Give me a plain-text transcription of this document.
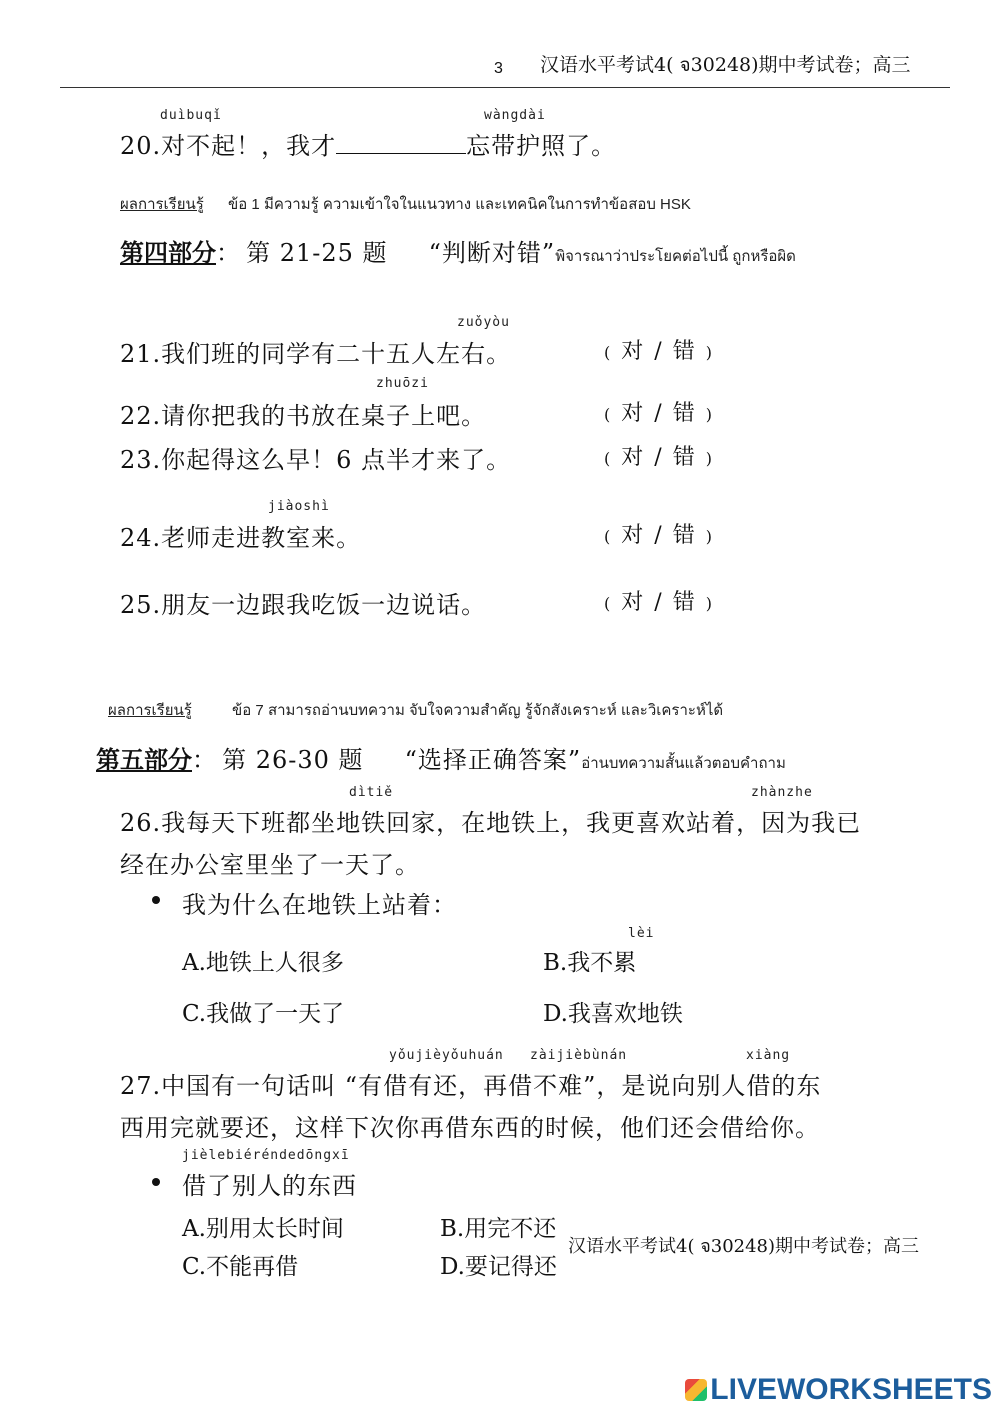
3 汉语水平考试4( จ30248)期中考试卷；高三
duìbuqǐ	wàngdài
20.对不起！，我才	忘带护照了。
ผลการเรียนรู้ ข้อ 1 มีความรู้ ความเข้าใจในแนวทาง และเทคนิคในการทำข้อสอบ HSK
第四部分： 第 21-25 题 “判断对错”พิจารณาว่าประโยคต่อไปนี้ ถูกหรือผิด
zuǒyòu
21.我们班的同学有二十五人左右。	( 对 / 错 )
zhuōzi
22.请你把我的书放在桌子上吧。	( 对 / 错 )
23.你起得这么早！6 点半才来了。	( 对 / 错 )
jiàoshì
24.老师走进教室来。	( 对 / 错 )
25.朋友一边跟我吃饭一边说话。	( 对 / 错 )
ผลการเรียนรู้	ข้อ 7 สามารถอ่านบทความ จับใจความสำคัญ รู้จักสังเคราะห์ และวิเคราะห์ได้
第五部分： 第 26-30 题 “选择正确答案”อ่านบทความสั้นแล้วตอบคำถาม
dìtiě	zhànzhe
26.我每天下班都坐地铁回家，在地铁上，我更喜欢站着，因为我已
经在办公室里坐了一天了。
我为什么在地铁上站着：
lèi
A.地铁上人很多	B.我不累
C.我做了一天了	D.我喜欢地铁
yǒujièyǒuhuán zàijièbùnán	xiàng
27.中国有一句话叫 “有借有还，再借不难”，是说向别人借的东
西用完就要还，这样下次你再借东西的时候，他们还会借给你。
jièlebiéréndedōngxī
借了别人的东西
A.别用太长时间	B.用完不还
C.不能再借	D.要记得还
汉语水平考试4( จ30248)期中考试卷；高三
LIVEWORKSHEETS
